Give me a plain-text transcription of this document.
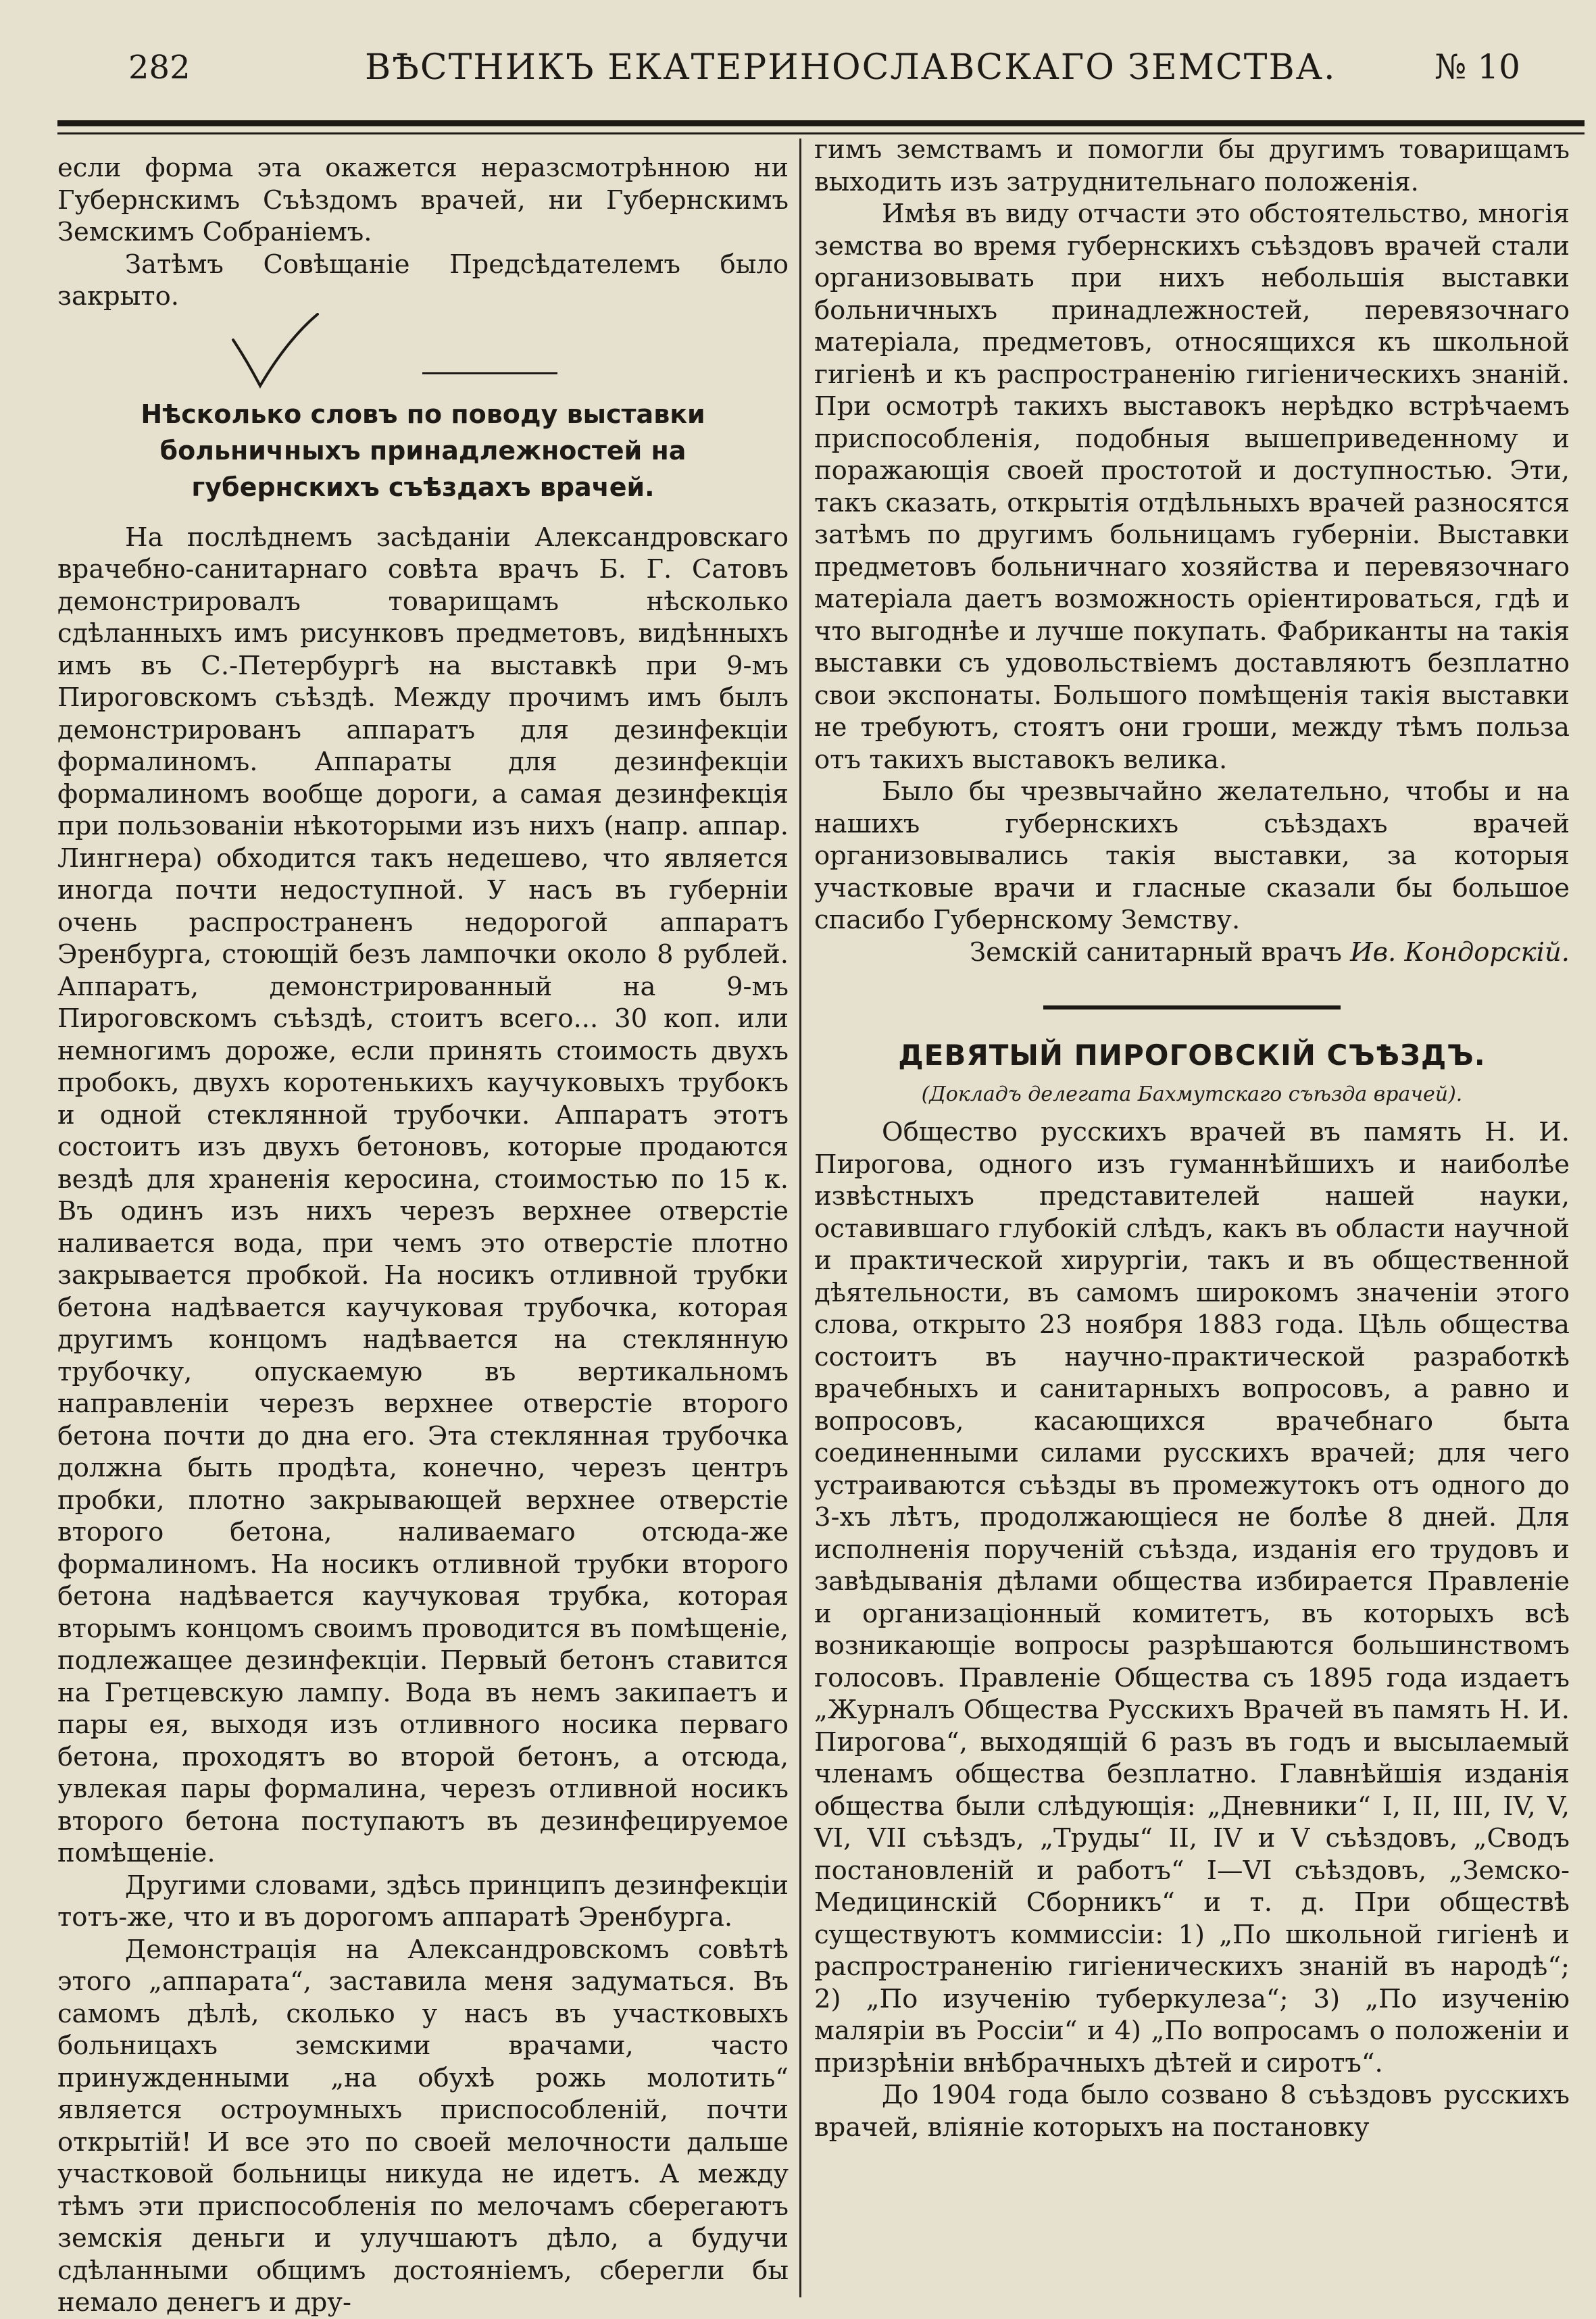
282	ВѢСТНИКЪ ЕКАТЕРИНОСЛАВСКАГО ЗЕМСТВА.	№ 10

если форма эта окажется неразсмотрѣнною ни Губернскимъ Съѣздомъ врачей, ни Губернскимъ Земскимъ Собраніемъ.

Затѣмъ Совѣщаніе Предсѣдателемъ было закрыто.

Нѣсколько словъ по поводу выставки больничныхъ принадлежностей на губернскихъ съѣздахъ врачей.

На послѣднемъ засѣданіи Александровскаго врачебно-санитарнаго совѣта врачъ Б. Г. Сатовъ демонстрировалъ товарищамъ нѣсколько сдѣланныхъ имъ рисунковъ предметовъ, видѣнныхъ имъ въ С.-Петербургѣ на выставкѣ при 9-мъ Пироговскомъ съѣздѣ. Между прочимъ имъ былъ демонстрированъ аппаратъ для дезинфекціи формалиномъ. Аппараты для дезинфекціи формалиномъ вообще дороги, а самая дезинфекція при пользованіи нѣкоторыми изъ нихъ (напр. аппар. Лингнера) обходится такъ недешево, что является иногда почти недоступной. У насъ въ губерніи очень распространенъ недорогой аппаратъ Эренбурга, стоющій безъ лампочки около 8 рублей. Аппаратъ, демонстрированный на 9-мъ Пироговскомъ съѣздѣ, стоитъ всего... 30 коп. или немногимъ дороже, если принять стоимость двухъ пробокъ, двухъ коротенькихъ каучуковыхъ трубокъ и одной стеклянной трубочки. Аппаратъ этотъ состоитъ изъ двухъ бетоновъ, которые продаются вездѣ для храненія керосина, стоимостью по 15 к. Въ одинъ изъ нихъ черезъ верхнее отверстіе наливается вода, при чемъ это отверстіе плотно закрывается пробкой. На носикъ отливной трубки бетона надѣвается каучуковая трубочка, которая другимъ концомъ надѣвается на стеклянную трубочку, опускаемую въ вертикальномъ направленіи черезъ верхнее отверстіе второго бетона почти до дна его. Эта стеклянная трубочка должна быть продѣта, конечно, черезъ центръ пробки, плотно закрывающей верхнее отверстіе второго бетона, наливаемаго отсюда-же формалиномъ. На носикъ отливной трубки второго бетона надѣвается каучуковая трубка, которая вторымъ концомъ своимъ проводится въ помѣщеніе, подлежащее дезинфекціи. Первый бетонъ ставится на Гретцевскую лампу. Вода въ немъ закипаетъ и пары ея, выходя изъ отливного носика перваго бетона, проходятъ во второй бетонъ, а отсюда, увлекая пары формалина, черезъ отливной носикъ второго бетона поступаютъ въ дезинфецируемое помѣщеніе.

Другими словами, здѣсь принципъ дезинфекціи тотъ-же, что и въ дорогомъ аппаратѣ Эренбурга.

Демонстрація на Александровскомъ совѣтѣ этого „аппарата“, заставила меня задуматься. Въ самомъ дѣлѣ, сколько у насъ въ участковыхъ больницахъ земскими врачами, часто принужденными „на обухѣ рожь молотить“ является остроумныхъ приспособленій, почти открытій! И все это по своей мелочности дальше участковой больницы никуда не идетъ. А между тѣмъ эти приспособленія по мелочамъ сберегаютъ земскія деньги и улучшаютъ дѣло, а будучи сдѣланными общимъ достояніемъ, сберегли бы немало денегъ и дру-

гимъ земствамъ и помогли бы другимъ товарищамъ выходить изъ затруднительнаго положенія.

Имѣя въ виду отчасти это обстоятельство, многія земства во время губернскихъ съѣздовъ врачей стали организовывать при нихъ небольшія выставки больничныхъ принадлежностей, перевязочнаго матеріала, предметовъ, относящихся къ школьной гигіенѣ и къ распространенію гигіеническихъ знаній. При осмотрѣ такихъ выставокъ нерѣдко встрѣчаемъ приспособленія, подобныя вышеприведенному и поражающія своей простотой и доступностью. Эти, такъ сказать, открытія отдѣльныхъ врачей разносятся затѣмъ по другимъ больницамъ губерніи. Выставки предметовъ больничнаго хозяйства и перевязочнаго матеріала даетъ возможность оріентироваться, гдѣ и что выгоднѣе и лучше покупать. Фабриканты на такія выставки съ удовольствіемъ доставляютъ безплатно свои экспонаты. Большого помѣщенія такія выставки не требуютъ, стоятъ они гроши, между тѣмъ польза отъ такихъ выставокъ велика.

Было бы чрезвычайно желательно, чтобы и на нашихъ губернскихъ съѣздахъ врачей организовывались такія выставки, за которыя участковые врачи и гласные сказали бы большое спасибо Губернскому Земству.

Земскій санитарный врачъ Ив. Кондорскій.

ДЕВЯТЫЙ ПИРОГОВСКІЙ СЪѢЗДЪ.
(Докладъ делегата Бахмутскаго съѣзда врачей).

Общество русскихъ врачей въ память Н. И. Пирогова, одного изъ гуманнѣйшихъ и наиболѣе извѣстныхъ представителей нашей науки, оставившаго глубокій слѣдъ, какъ въ области научной и практической хирургіи, такъ и въ общественной дѣятельности, въ самомъ широкомъ значеніи этого слова, открыто 23 ноября 1883 года. Цѣль общества состоитъ въ научно-практической разработкѣ врачебныхъ и санитарныхъ вопросовъ, а равно и вопросовъ, касающихся врачебнаго быта соединенными силами русскихъ врачей; для чего устраиваются съѣзды въ промежутокъ отъ одного до 3-хъ лѣтъ, продолжающіеся не болѣе 8 дней. Для исполненія порученій съѣзда, изданія его трудовъ и завѣдыванія дѣлами общества избирается Правленіе и организаціонный комитетъ, въ которыхъ всѣ возникающіе вопросы разрѣшаются большинствомъ голосовъ. Правленіе Общества съ 1895 года издаетъ „Журналъ Общества Русскихъ Врачей въ память Н. И. Пирогова“, выходящій 6 разъ въ годъ и высылаемый членамъ общества безплатно. Главнѣйшія изданія общества были слѣдующія: „Дневники“ I, II, III, IV, V, VI, VII съѣздъ, „Труды“ II, IV и V съѣздовъ, „Сводъ постановленій и работъ“ I—VI съѣздовъ, „Земско-Медицинскій Сборникъ“ и т. д. При обществѣ существуютъ коммиссіи: 1) „По школьной гигіенѣ и распространенію гигіеническихъ знаній въ народѣ“; 2) „По изученію туберкулеза“; 3) „По изученію малярiи въ Россіи“ и 4) „По вопросамъ о положеніи и призрѣніи внѣбрачныхъ дѣтей и сиротъ“.

До 1904 года было созвано 8 съѣздовъ русскихъ врачей, вліяніе которыхъ на постановку
